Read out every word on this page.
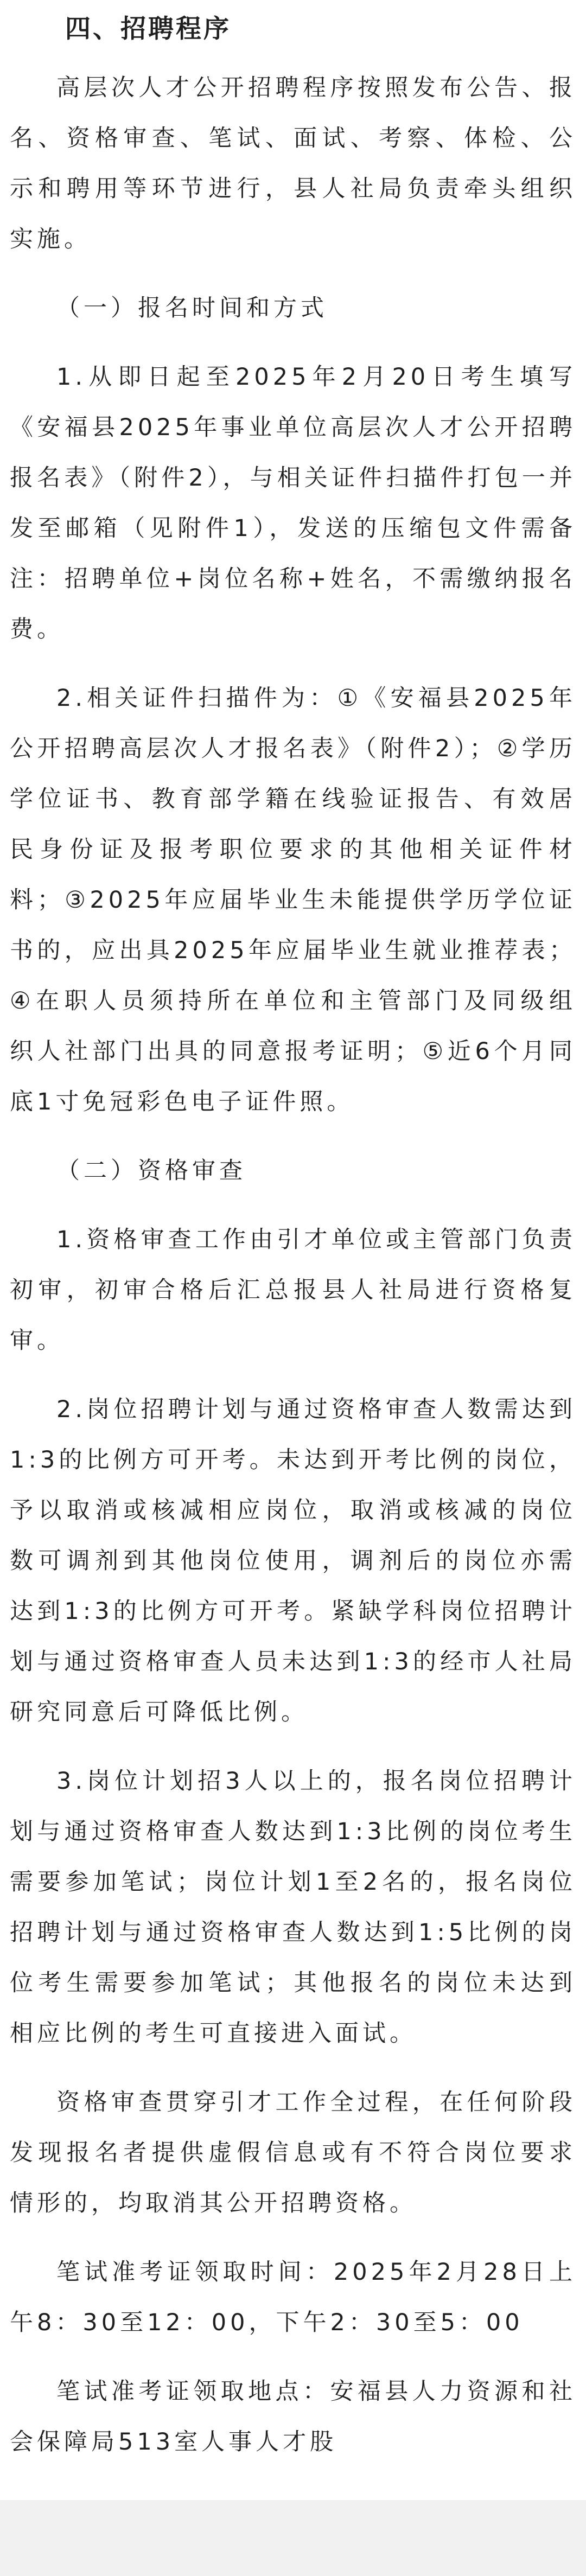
四、招聘程序

高层次人才公开招聘程序按照发布公告、报名、资格审查、笔试、面试、考察、体检、公示和聘用等环节进行，县人社局负责牵头组织实施。

（一）报名时间和方式

1.从即日起至2025年2月20日考生填写《安福县2025年事业单位高层次人才公开招聘报名表》（附件2），与相关证件扫描件打包一并发至邮箱（见附件1），发送的压缩包文件需备注：招聘单位+岗位名称+姓名，不需缴纳报名费。

2.相关证件扫描件为：①《安福县2025年公开招聘高层次人才报名表》（附件2）；②学历学位证书、教育部学籍在线验证报告、有效居民身份证及报考职位要求的其他相关证件材料；③2025年应届毕业生未能提供学历学位证书的，应出具2025年应届毕业生就业推荐表；④在职人员须持所在单位和主管部门及同级组织人社部门出具的同意报考证明；⑤近6个月同底1寸免冠彩色电子证件照。

（二）资格审查

1.资格审查工作由引才单位或主管部门负责初审，初审合格后汇总报县人社局进行资格复审。

2.岗位招聘计划与通过资格审查人数需达到1:3的比例方可开考。未达到开考比例的岗位，予以取消或核减相应岗位，取消或核减的岗位数可调剂到其他岗位使用，调剂后的岗位亦需达到1:3的比例方可开考。紧缺学科岗位招聘计划与通过资格审查人员未达到1:3的经市人社局研究同意后可降低比例。

3.岗位计划招3人以上的，报名岗位招聘计划与通过资格审查人数达到1:3比例的岗位考生需要参加笔试；岗位计划1至2名的，报名岗位招聘计划与通过资格审查人数达到1:5比例的岗位考生需要参加笔试；其他报名的岗位未达到相应比例的考生可直接进入面试。

资格审查贯穿引才工作全过程，在任何阶段发现报名者提供虚假信息或有不符合岗位要求情形的，均取消其公开招聘资格。

笔试准考证领取时间：2025年2月28日上午8：30至12：00，下午2：30至5：00

笔试准考证领取地点：安福县人力资源和社会保障局513室人事人才股
